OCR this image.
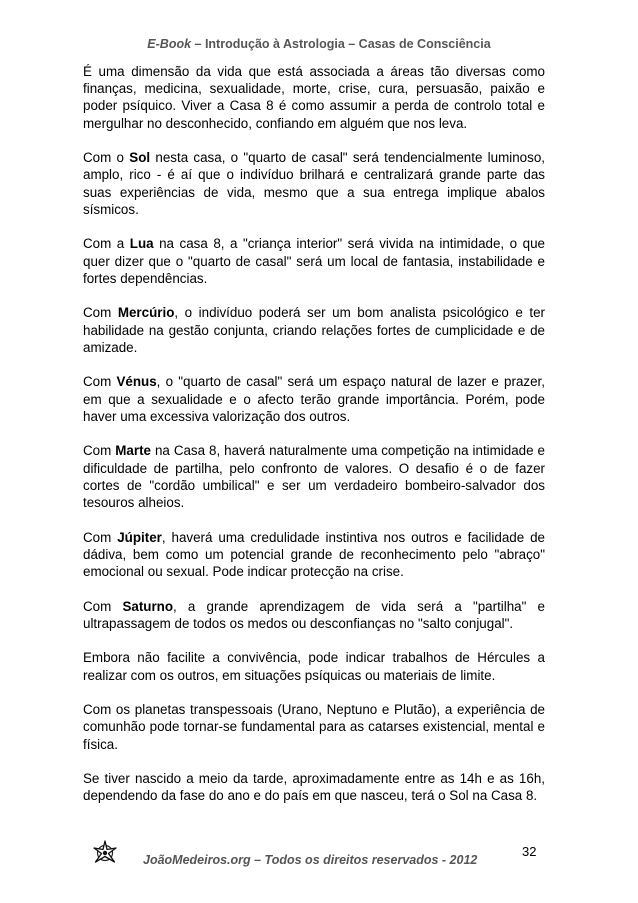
E-Book – Introdução à Astrologia – Casas de Consciência

É uma dimensão da vida que está associada a áreas tão diversas como finanças, medicina, sexualidade, morte, crise, cura, persuasão, paixão e poder psíquico. Viver a Casa 8 é como assumir a perda de controlo total e mergulhar no desconhecido, confiando em alguém que nos leva.

Com o Sol nesta casa, o "quarto de casal" será tendencialmente luminoso, amplo, rico - é aí que o indivíduo brilhará e centralizará grande parte das suas experiências de vida, mesmo que a sua entrega implique abalos sísmicos.

Com a Lua na casa 8, a "criança interior" será vivida na intimidade, o que quer dizer que o "quarto de casal" será um local de fantasia, instabilidade e fortes dependências.

Com Mercúrio, o indivíduo poderá ser um bom analista psicológico e ter habilidade na gestão conjunta, criando relações fortes de cumplicidade e de amizade.

Com Vénus, o "quarto de casal" será um espaço natural de lazer e prazer, em que a sexualidade e o afecto terão grande importância. Porém, pode haver uma excessiva valorização dos outros.

Com Marte na Casa 8, haverá naturalmente uma competição na intimidade e dificuldade de partilha, pelo confronto de valores. O desafio é o de fazer cortes de "cordão umbilical" e ser um verdadeiro bombeiro-salvador dos tesouros alheios.

Com Júpiter, haverá uma credulidade instintiva nos outros e facilidade de dádiva, bem como um potencial grande de reconhecimento pelo "abraço" emocional ou sexual. Pode indicar protecção na crise.

Com Saturno, a grande aprendizagem de vida será a "partilha" e ultrapassagem de todos os medos ou desconfianças no "salto conjugal".

Embora não facilite a convivência, pode indicar trabalhos de Hércules a realizar com os outros, em situações psíquicas ou materiais de limite.

Com os planetas transpessoais (Urano, Neptuno e Plutão), a experiência de comunhão pode tornar-se fundamental para as catarses existencial, mental e física.

Se tiver nascido a meio da tarde, aproximadamente entre as 14h e as 16h, dependendo da fase do ano e do país em que nasceu, terá o Sol na Casa 8.

32
JoãoMedeiros.org – Todos os direitos reservados - 2012
